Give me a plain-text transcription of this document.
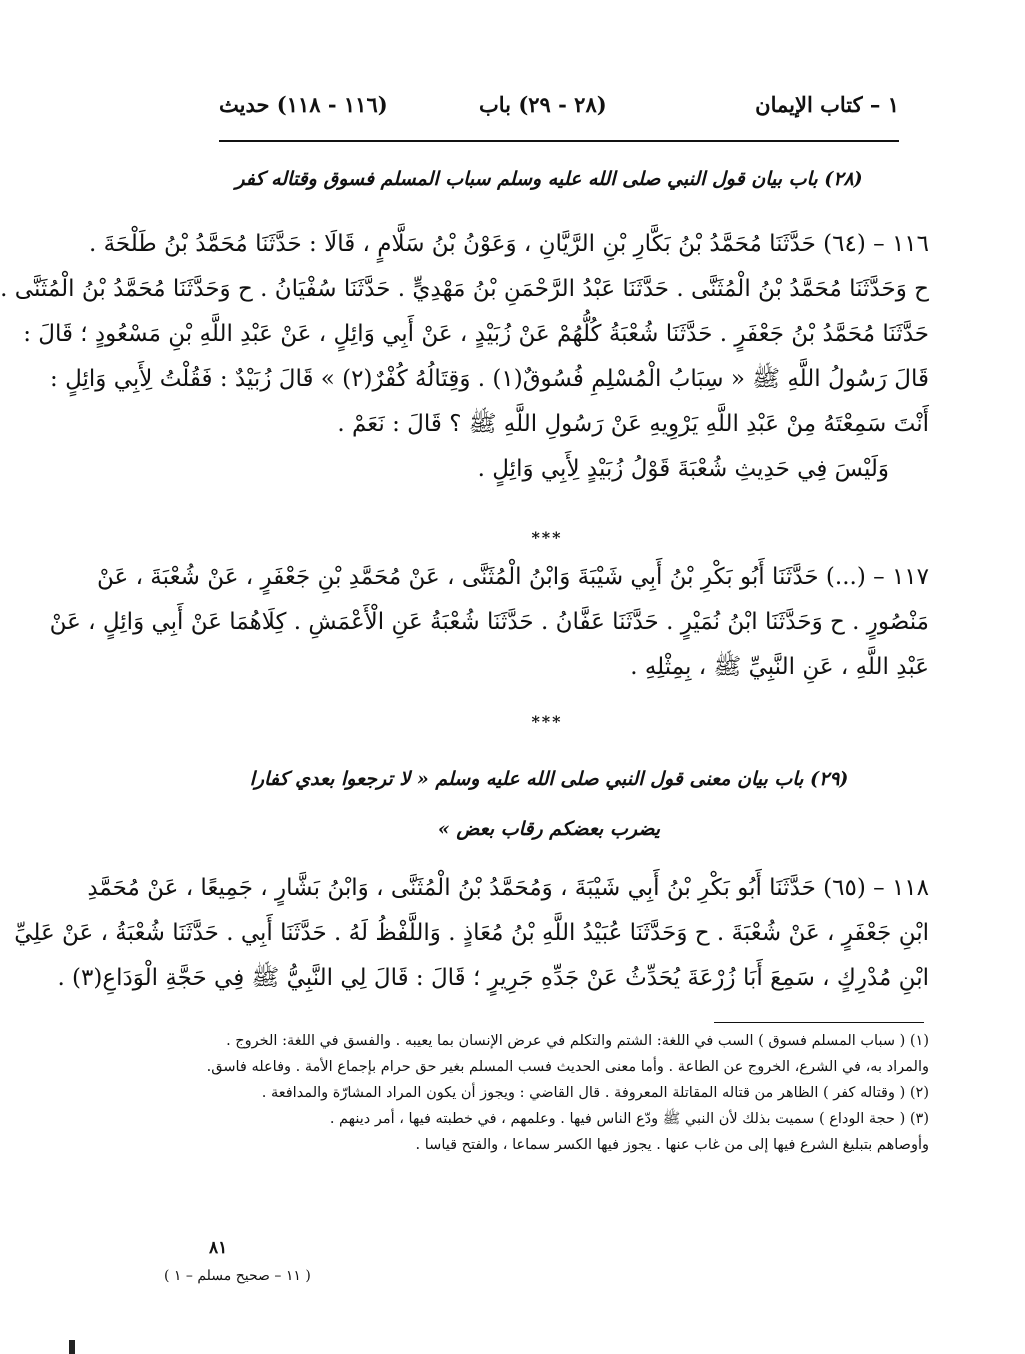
١ – كتاب الإيمان
(٢٨ - ٢٩) باب
(١١٦ - ١١٨) حديث
(٢٨) باب بيان قول النبي صلى الله عليه وسلم سباب المسلم فسوق وقتاله كفر
١١٦ – (٦٤) حَدَّثَنَا مُحَمَّدُ بْنُ بَكَّارِ بْنِ الرَّيَّانِ ، وَعَوْنُ بْنُ سَلَّامٍ ، قَالَا : حَدَّثَنَا مُحَمَّدُ بْنُ طَلْحَةَ .
ح وَحَدَّثَنَا مُحَمَّدُ بْنُ الْمُثَنَّى . حَدَّثَنَا عَبْدُ الرَّحْمَنِ بْنُ مَهْدِيٍّ . حَدَّثَنَا سُفْيَانُ . ح وَحَدَّثَنَا مُحَمَّدُ بْنُ الْمُثَنَّى .
حَدَّثَنَا مُحَمَّدُ بْنُ جَعْفَرٍ . حَدَّثَنَا شُعْبَةُ كُلُّهُمْ عَنْ زُبَيْدٍ ، عَنْ أَبِي وَائِلٍ ، عَنْ عَبْدِ اللَّهِ بْنِ مَسْعُودٍ ؛ قَالَ :
قَالَ رَسُولُ اللَّهِ ﷺ « سِبَابُ الْمُسْلِمِ فُسُوقٌ(١) . وَقِتَالُهُ كُفْرٌ(٢) » قَالَ زُبَيْدٌ : فَقُلْتُ لِأَبِي وَائِلٍ :
أَنْتَ سَمِعْتَهُ مِنْ عَبْدِ اللَّهِ يَرْوِيهِ عَنْ رَسُولِ اللَّهِ ﷺ ؟ قَالَ : نَعَمْ .
وَلَيْسَ فِي حَدِيثِ شُعْبَةَ قَوْلُ زُبَيْدٍ لِأَبِي وَائِلٍ .
***
١١٧ – (...) حَدَّثَنَا أَبُو بَكْرِ بْنُ أَبِي شَيْبَةَ وَابْنُ الْمُثَنَّى ، عَنْ مُحَمَّدِ بْنِ جَعْفَرٍ ، عَنْ شُعْبَةَ ، عَنْ
مَنْصُورٍ . ح وَحَدَّثَنَا ابْنُ نُمَيْرٍ . حَدَّثَنَا عَفَّانُ . حَدَّثَنَا شُعْبَةُ عَنِ الْأَعْمَشِ . كِلَاهُمَا عَنْ أَبِي وَائِلٍ ، عَنْ
عَبْدِ اللَّهِ ، عَنِ النَّبِيِّ ﷺ ، بِمِثْلِهِ .
***
(٢٩) باب بيان معنى قول النبي صلى الله عليه وسلم « لا ترجعوا بعدي كفارا
يضرب بعضكم رقاب بعض »
١١٨ – (٦٥) حَدَّثَنَا أَبُو بَكْرِ بْنُ أَبِي شَيْبَةَ ، وَمُحَمَّدُ بْنُ الْمُثَنَّى ، وَابْنُ بَشَّارٍ ، جَمِيعًا ، عَنْ مُحَمَّدِ
ابْنِ جَعْفَرٍ ، عَنْ شُعْبَةَ . ح وَحَدَّثَنَا عُبَيْدُ اللَّهِ بْنُ مُعَاذٍ . وَاللَّفْظُ لَهُ . حَدَّثَنَا أَبِي . حَدَّثَنَا شُعْبَةُ ، عَنْ عَلِيِّ
ابْنِ مُدْرِكٍ ، سَمِعَ أَبَا زُرْعَةَ يُحَدِّثُ عَنْ جَدِّهِ جَرِيرٍ ؛ قَالَ : قَالَ لِي النَّبِيُّ ﷺ فِي حَجَّةِ الْوَدَاعِ(٣) .
(١) ( سباب المسلم فسوق ) السب في اللغة: الشتم والتكلم في عرض الإنسان بما يعيبه . والفسق في اللغة: الخروج .
والمراد به، في الشرع، الخروج عن الطاعة . وأما معنى الحديث فسب المسلم بغير حق حرام بإجماع الأمة . وفاعله فاسق.
(٢) ( وقتاله كفر ) الظاهر من قتاله المقاتلة المعروفة . قال القاضي : ويجوز أن يكون المراد المشارّة والمدافعة .
(٣) ( حجة الوداع ) سميت بذلك لأن النبي ﷺ ودّع الناس فيها . وعلمهم ، في خطبته فيها ، أمر دينهم .
وأوصاهم بتبليغ الشرع فيها إلى من غاب عنها . يجوز فيها الكسر سماعا ، والفتح قياسا .
٨١
( ١١ – صحيح مسلم – ١ )
